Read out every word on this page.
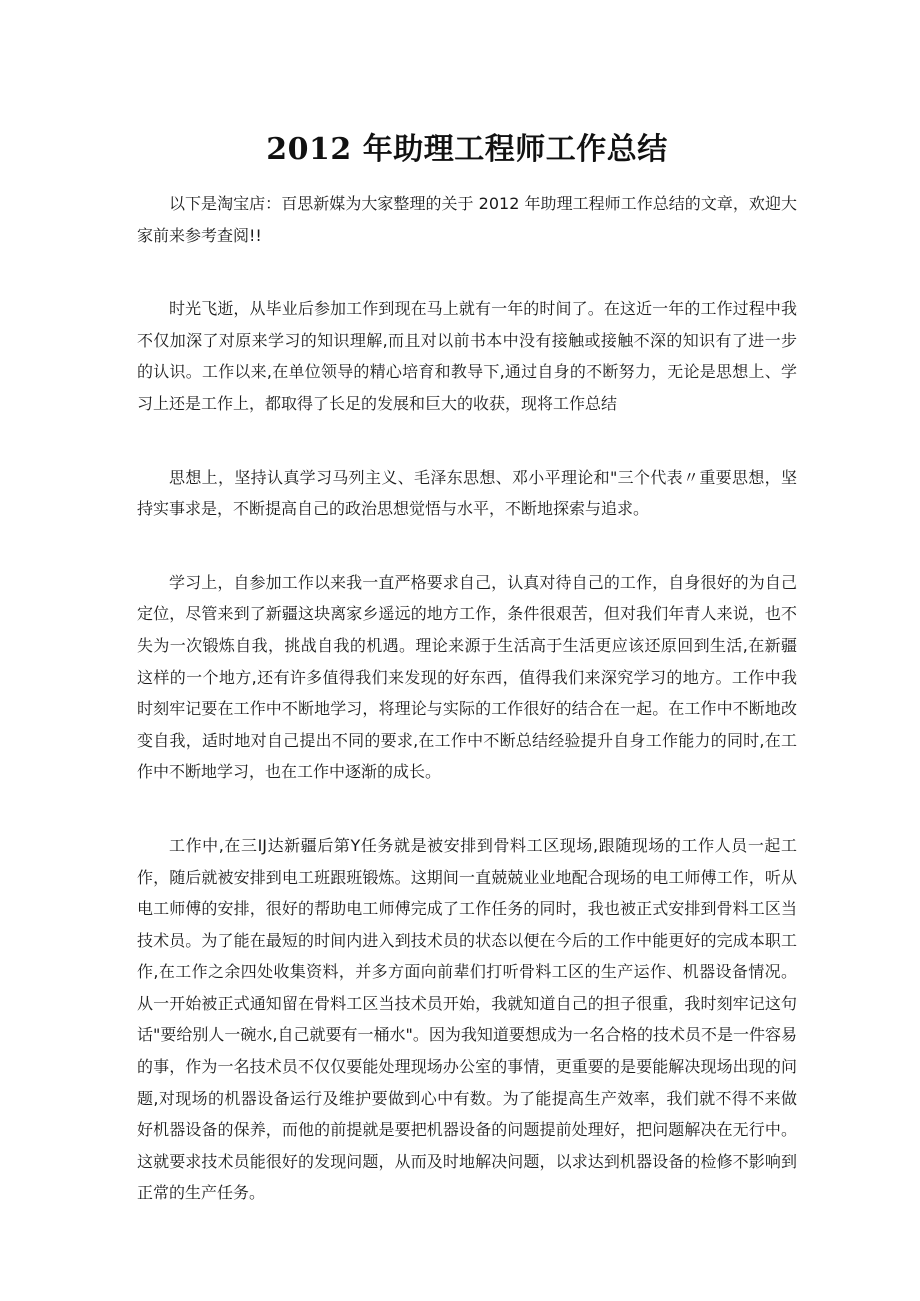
2012 年助理工程师工作总结

以下是淘宝店：百思新媒为大家整理的关于 2012 年助理工程师工作总结的文章，欢迎大家前来参考查阅!!

时光飞逝，从毕业后参加工作到现在马上就有一年的时间了。在这近一年的工作过程中我不仅加深了对原来学习的知识理解,而且对以前书本中没有接触或接触不深的知识有了进一步的认识。工作以来,在单位领导的精心培育和教导下,通过自身的不断努力，无论是思想上、学习上还是工作上，都取得了长足的发展和巨大的收获，现将工作总结

思想上，坚持认真学习马列主义、毛泽东思想、邓小平理论和"三个代表〃重要思想，坚持实事求是，不断提高自己的政治思想觉悟与水平，不断地探索与追求。

学习上，自参加工作以来我一直严格要求自己，认真对待自己的工作，自身很好的为自己定位，尽管来到了新疆这块离家乡遥远的地方工作，条件很艰苦，但对我们年青人来说，也不失为一次锻炼自我，挑战自我的机遇。理论来源于生活高于生活更应该还原回到生活,在新疆这样的一个地方,还有许多值得我们来发现的好东西，值得我们来深究学习的地方。工作中我时刻牢记要在工作中不断地学习，将理论与实际的工作很好的结合在一起。在工作中不断地改变自我，适时地对自己提出不同的要求,在工作中不断总结经验提升自身工作能力的同时,在工作中不断地学习，也在工作中逐渐的成长。

工作中,在三IJ达新疆后第Y任务就是被安排到骨料工区现场,跟随现场的工作人员一起工作，随后就被安排到电工班跟班锻炼。这期间一直兢兢业业地配合现场的电工师傅工作，听从电工师傅的安排，很好的帮助电工师傅完成了工作任务的同时，我也被正式安排到骨料工区当技术员。为了能在最短的时间内进入到技术员的状态以便在今后的工作中能更好的完成本职工作,在工作之余四处收集资料，并多方面向前辈们打听骨料工区的生产运作、机器设备情况。从一开始被正式通知留在骨料工区当技术员开始，我就知道自己的担子很重，我时刻牢记这句话"要给别人一碗水,自己就要有一桶水"。因为我知道要想成为一名合格的技术员不是一件容易的事，作为一名技术员不仅仅要能处理现场办公室的事情，更重要的是要能解决现场出现的问题,对现场的机器设备运行及维护要做到心中有数。为了能提高生产效率，我们就不得不来做好机器设备的保养，而他的前提就是要把机器设备的问题提前处理好，把问题解决在无行中。这就要求技术员能很好的发现问题，从而及时地解决问题，以求达到机器设备的检修不影响到正常的生产任务。
